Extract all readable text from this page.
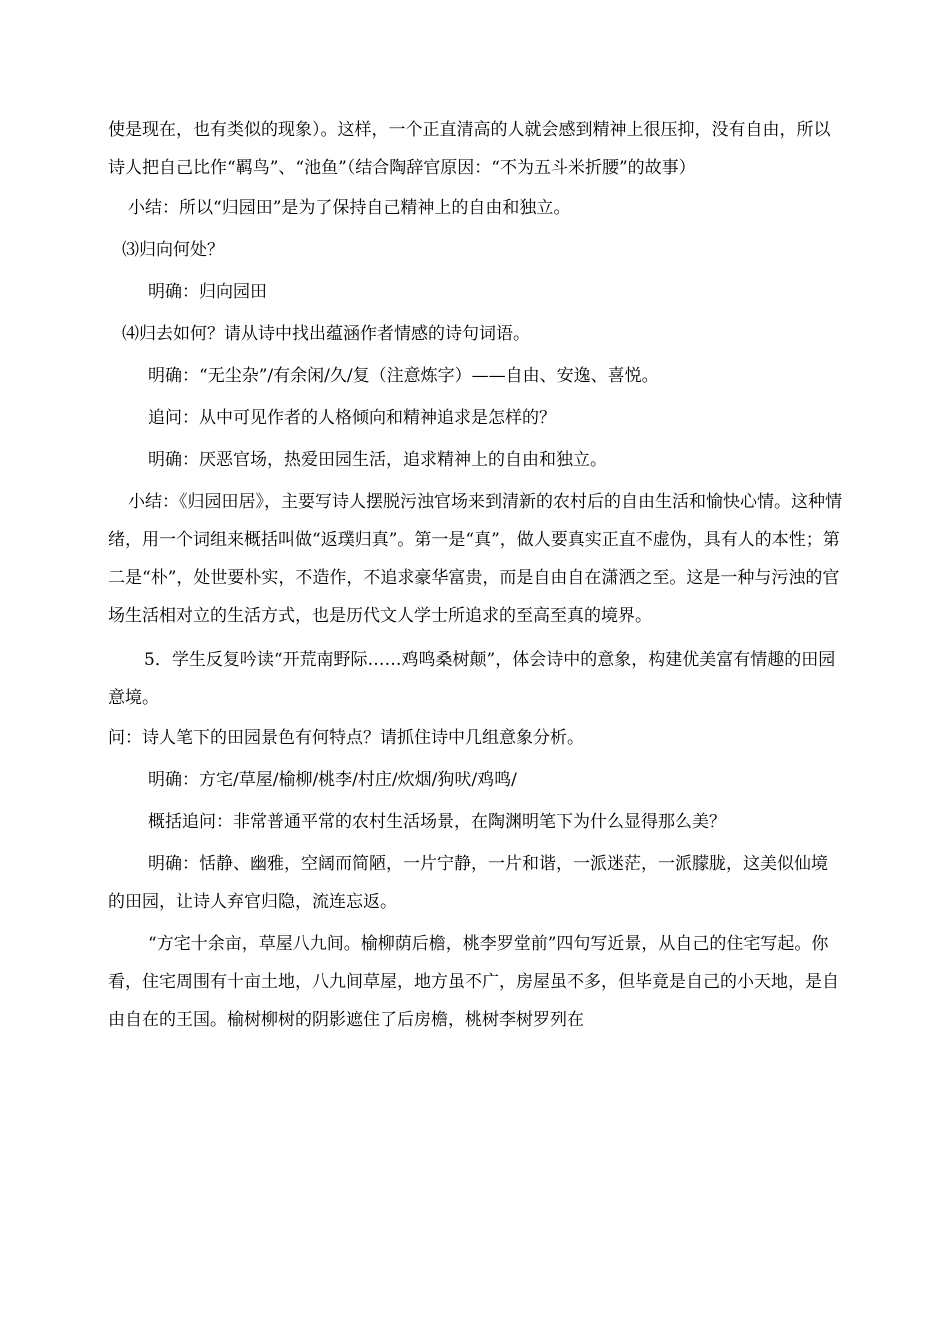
使是现在，也有类似的现象）。这样，一个正直清高的人就会感到精神上很压抑，没有自由，所以诗人把自己比作“羁鸟”、“池鱼”（结合陶辞官原因：“不为五斗米折腰”的故事）

小结：所以“归园田”是为了保持自己精神上的自由和独立。

⑶归向何处？

明确：归向园田

⑷归去如何？请从诗中找出蕴涵作者情感的诗句词语。

明确：“无尘杂”/有余闲/久/复（注意炼字）——自由、安逸、喜悦。

追问：从中可见作者的人格倾向和精神追求是怎样的？

明确：厌恶官场，热爱田园生活，追求精神上的自由和独立。

小结：《归园田居》，主要写诗人摆脱污浊官场来到清新的农村后的自由生活和愉快心情。这种情绪，用一个词组来概括叫做“返璞归真”。第一是“真”，做人要真实正直不虚伪，具有人的本性；第二是“朴”，处世要朴实，不造作，不追求豪华富贵，而是自由自在潇洒之至。这是一种与污浊的官场生活相对立的生活方式，也是历代文人学士所追求的至高至真的境界。

5．学生反复吟读“开荒南野际……鸡鸣桑树颠”，体会诗中的意象，构建优美富有情趣的田园意境。

问：诗人笔下的田园景色有何特点？请抓住诗中几组意象分析。

明确：方宅/草屋/榆柳/桃李/村庄/炊烟/狗吠/鸡鸣/

概括追问：非常普通平常的农村生活场景，在陶渊明笔下为什么显得那么美？

明确：恬静、幽雅，空阔而简陋，一片宁静，一片和谐，一派迷茫，一派朦胧，这美似仙境的田园，让诗人弃官归隐，流连忘返。

“方宅十余亩，草屋八九间。榆柳荫后檐，桃李罗堂前”四句写近景，从自己的住宅写起。你看，住宅周围有十亩土地，八九间草屋，地方虽不广，房屋虽不多，但毕竟是自己的小天地，是自由自在的王国。榆树柳树的阴影遮住了后房檐，桃树李树罗列在
